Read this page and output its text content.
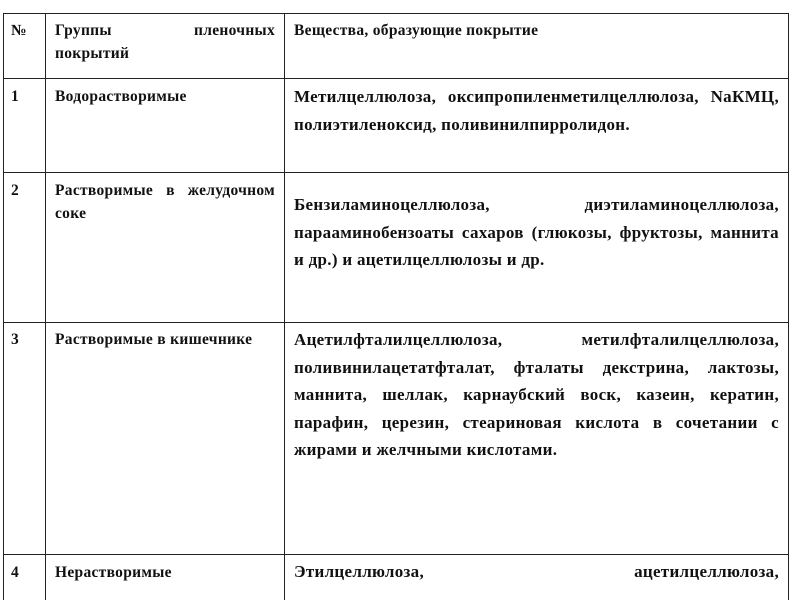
№	Группы пленочных покрытий	Вещества, образующие покрытие

1	Водорастворимые	Метилцеллюлоза, оксипропиленметилцеллюлоза, NaКМЦ, полиэтиленоксид, поливинилпирролидон.

2	Растворимые в желудочном соке	Бензиламиноцеллюлоза, диэтиламиноцеллюлоза, парааминобензоаты сахаров (глюкозы, фруктозы, маннита и др.) и ацетилцеллюлозы и др.

3	Растворимые в кишечнике	Ацетилфталилцеллюлоза, метилфталилцеллюлоза, поливинилацетатфталат, фталаты декстрина, лактозы, маннита, шеллак, карнаубский воск, казеин, кератин, парафин, церезин, стеариновая кислота в сочетании с жирами и желчными кислотами.

4	Нерастворимые	Этилцеллюлоза, ацетилцеллюлоза,
